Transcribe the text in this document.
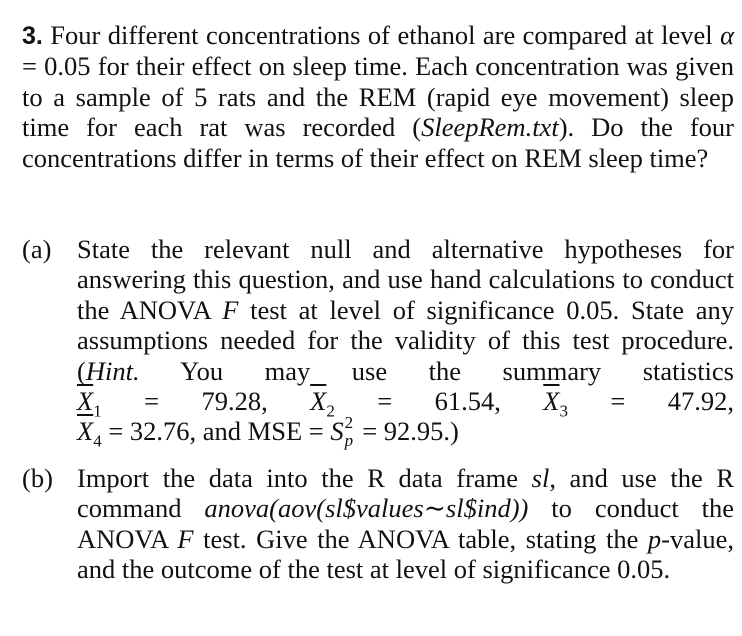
3. Four different concentrations of ethanol are compared at level α = 0.05 for their effect on sleep time. Each concentration was given to a sample of 5 rats and the REM (rapid eye movement) sleep time for each rat was recorded (SleepRem.txt). Do the four concentrations differ in terms of their effect on REM sleep time?

(a) State the relevant null and alternative hypotheses for answering this question, and use hand calculations to conduct the ANOVA F test at level of significance 0.05. State any assumptions needed for the validity of this test procedure. (Hint. You may use the summary statistics $\overline{X}_1 = 79.28$, $\overline{X}_2 = 61.54$, $\overline{X}_3 = 47.92$, $\overline{X}_4 = 32.76$, and MSE = S 2
p = 92.95.)
(b) Import the data into the R data frame sl, and use the R command anova(aov(sl$values∼sl$ind)) to conduct the ANOVA F test. Give the ANOVA table, stating the p-value, and the outcome of the test at level of significance 0.05.
